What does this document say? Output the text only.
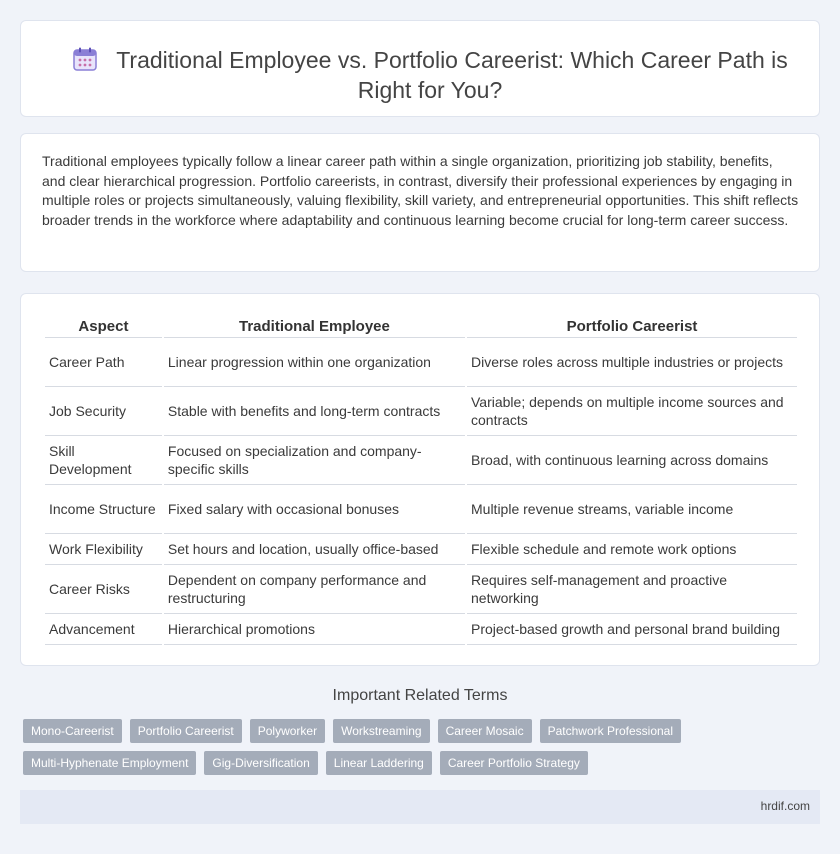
Traditional Employee vs. Portfolio Careerist: Which Career Path is Right for You?

Traditional employees typically follow a linear career path within a single organization, prioritizing job stability, benefits, and clear hierarchical progression. Portfolio careerists, in contrast, diversify their professional experiences by engaging in multiple roles or projects simultaneously, valuing flexibility, skill variety, and entrepreneurial opportunities. This shift reflects broader trends in the workforce where adaptability and continuous learning become crucial for long-term career success.

Aspect	Traditional Employee	Portfolio Careerist
Career Path	Linear progression within one organization	Diverse roles across multiple industries or projects
Job Security	Stable with benefits and long-term contracts	Variable; depends on multiple income sources and contracts
Skill Development	Focused on specialization and company-specific skills	Broad, with continuous learning across domains
Income Structure	Fixed salary with occasional bonuses	Multiple revenue streams, variable income
Work Flexibility	Set hours and location, usually office-based	Flexible schedule and remote work options
Career Risks	Dependent on company performance and restructuring	Requires self-management and proactive networking
Advancement	Hierarchical promotions	Project-based growth and personal brand building
Important Related Terms
Mono-Careerist	Portfolio Careerist	Polyworker	Workstreaming	Career Mosaic	Patchwork Professional
Multi-Hyphenate Employment	Gig-Diversification	Linear Laddering	Career Portfolio Strategy
hrdif.com
